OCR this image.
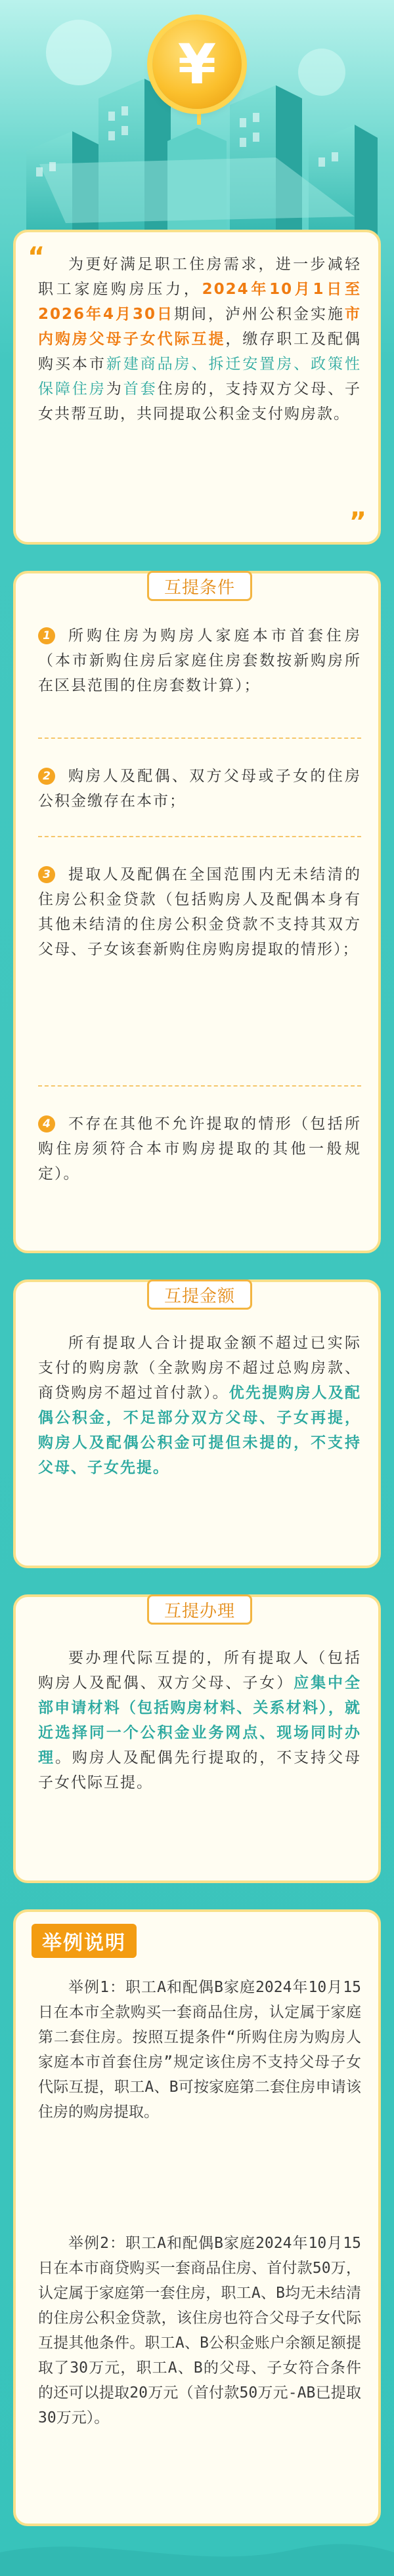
¥
“	为更好满足职工住房需求，进一步减轻职工家庭购房压力，2024年10月1日至2026年4月30日期间，泸州公积金实施市内购房父母子女代际互提，缴存职工及配偶购买本市新建商品房、拆迁安置房、政策性保障住房为首套住房的，支持双方父母、子女共帮互助，共同提取公积金支付购房款。
”
互提条件
1	所购住房为购房人家庭本市首套住房（本市新购住房后家庭住房套数按新购房所在区县范围的住房套数计算）；
2	购房人及配偶、双方父母或子女的住房公积金缴存在本市；
3	提取人及配偶在全国范围内无未结清的住房公积金贷款（包括购房人及配偶本身有其他未结清的住房公积金贷款不支持其双方父母、子女该套新购住房购房提取的情形）；
4	不存在其他不允许提取的情形（包括所购住房须符合本市购房提取的其他一般规定）。
互提金额
所有提取人合计提取金额不超过已实际支付的购房款（全款购房不超过总购房款、商贷购房不超过首付款）。优先提购房人及配偶公积金，不足部分双方父母、子女再提，购房人及配偶公积金可提但未提的，不支持父母、子女先提。
互提办理
要办理代际互提的，所有提取人（包括购房人及配偶、双方父母、子女）应集中全部申请材料（包括购房材料、关系材料），就近选择同一个公积金业务网点、现场同时办理。购房人及配偶先行提取的，不支持父母子女代际互提。
举例说明
举例1：职工A和配偶B家庭2024年10月15日在本市全款购买一套商品住房，认定属于家庭第二套住房。按照互提条件“所购住房为购房人家庭本市首套住房”规定该住房不支持父母子女代际互提，职工A、B可按家庭第二套住房申请该住房的购房提取。
举例2：职工A和配偶B家庭2024年10月15日在本市商贷购买一套商品住房、首付款50万，认定属于家庭第一套住房，职工A、B均无未结清的住房公积金贷款，该住房也符合父母子女代际互提其他条件。职工A、B公积金账户余额足额提取了30万元，职工A、B的父母、子女符合条件的还可以提取20万元（首付款50万元-AB已提取30万元）。
